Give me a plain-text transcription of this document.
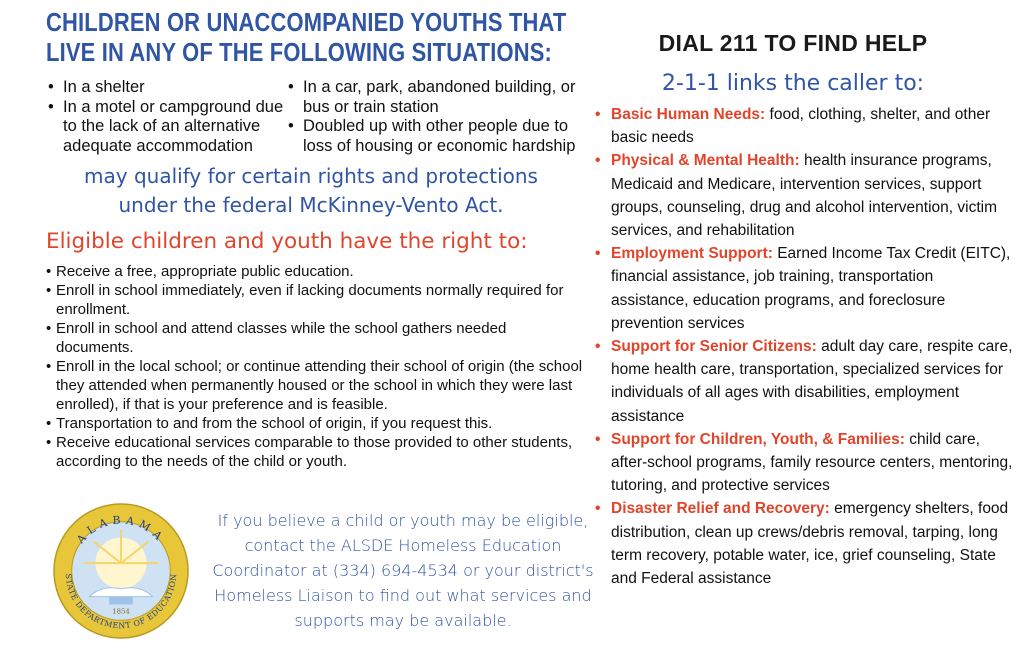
CHILDREN OR UNACCOMPANIED YOUTHS THAT
LIVE IN ANY OF THE FOLLOWING SITUATIONS:
• In a shelter
• In a motel or campground due to the lack of an alternative adequate accommodation
• In a car, park, abandoned building, or bus or train station
• Doubled up with other people due to loss of housing or economic hardship
may qualify for certain rights and protections
under the federal McKinney-Vento Act.
Eligible children and youth have the right to:
• Receive a free, appropriate public education.
• Enroll in school immediately, even if lacking documents normally required for enrollment.
• Enroll in school and attend classes while the school gathers needed documents.
• Enroll in the local school; or continue attending their school of origin (the school they attended when permanently housed or the school in which they were last enrolled), if that is your preference and is feasible.
• Transportation to and from the school of origin, if you request this.
• Receive educational services comparable to those provided to other students, according to the needs of the child or youth.
ALABAMA
STATE DEPARTMENT OF EDUCATION
1854
If you believe a child or youth may be eligible, contact the ALSDE Homeless Education Coordinator at (334) 694-4534 or your district's Homeless Liaison to find out what services and supports may be available.
DIAL 211 TO FIND HELP
2-1-1 links the caller to:
• Basic Human Needs: food, clothing, shelter, and other basic needs
• Physical & Mental Health: health insurance programs, Medicaid and Medicare, intervention services, support groups, counseling, drug and alcohol intervention, victim services, and rehabilitation
• Employment Support: Earned Income Tax Credit (EITC), financial assistance, job training, transportation assistance, education programs, and foreclosure prevention services
• Support for Senior Citizens: adult day care, respite care, home health care, transportation, specialized services for individuals of all ages with disabilities, employment assistance
• Support for Children, Youth, & Families: child care, after-school programs, family resource centers, mentoring, tutoring, and protective services
• Disaster Relief and Recovery: emergency shelters, food distribution, clean up crews/debris removal, tarping, long term recovery, potable water, ice, grief counseling, State and Federal assistance
